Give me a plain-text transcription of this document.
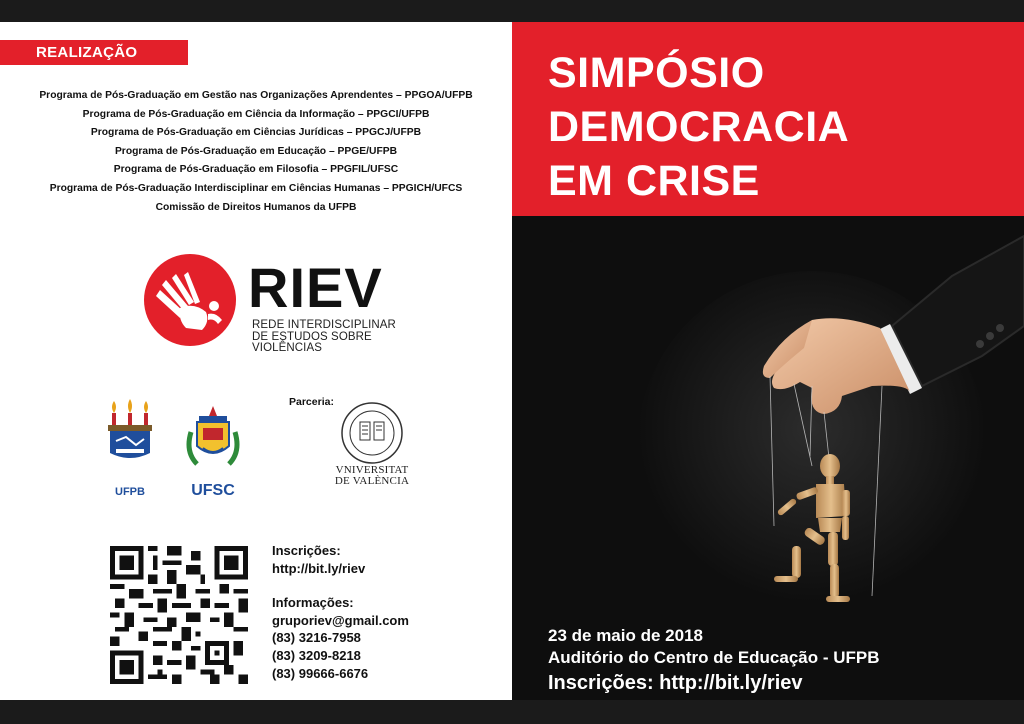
REALIZAÇÃO
Programa de Pós-Graduação em Gestão nas Organizações Aprendentes – PPGOA/UFPB
Programa de Pós-Graduação em Ciência da Informação – PPGCI/UFPB
Programa de Pós-Graduação em Ciências Jurídicas – PPGCJ/UFPB
Programa de Pós-Graduação em Educação – PPGE/UFPB
Programa de Pós-Graduação em Filosofia – PPGFIL/UFSC
Programa de Pós-Graduação Interdisciplinar em Ciências Humanas – PPGICH/UFCS
Comissão de Direitos Humanos da UFPB
RIEV
REDE INTERDISCIPLINAR
DE ESTUDOS SOBRE
VIOLÊNCIAS
UFPB	UFSC
Parceria:
VNIVERSITAT
DE VALÈNCIA
Inscrições:
http://bit.ly/riev
Informações:
gruporiev@gmail.com
(83) 3216-7958
(83) 3209-8218
(83) 99666-6676
SIMPÓSIO
DEMOCRACIA
EM CRISE
23 de maio de 2018
Auditório do Centro de Educação - UFPB
Inscrições: http://bit.ly/riev
